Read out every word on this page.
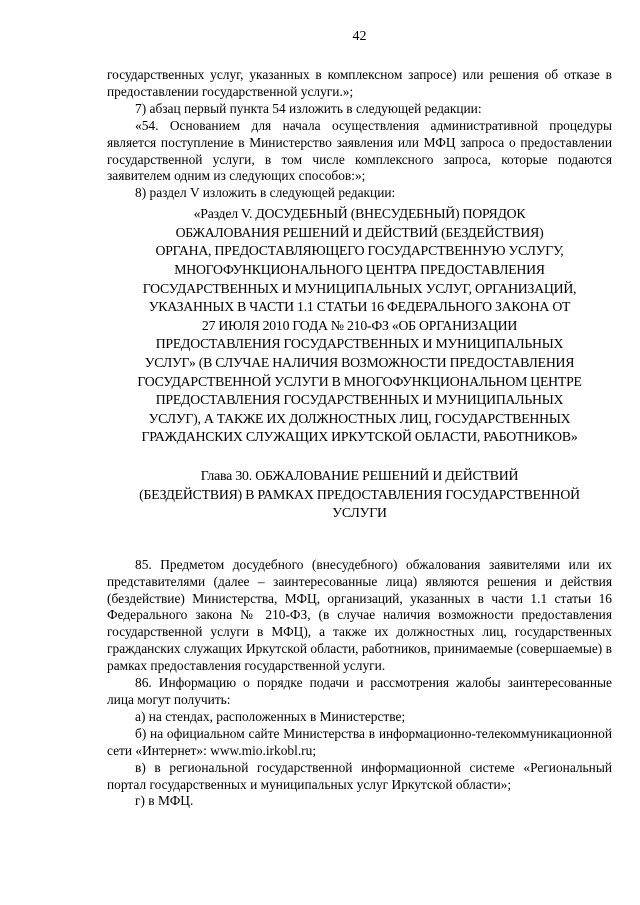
42

государственных услуг, указанных в комплексном запросе) или решения об отказе в предоставлении государственной услуги.»;

7) абзац первый пункта 54 изложить в следующей редакции:

«54. Основанием для начала осуществления административной процедуры является поступление в Министерство заявления или МФЦ запроса о предоставлении государственной услуги, в том числе комплексного запроса, которые подаются заявителем одним из следующих способов:»;

8) раздел V изложить в следующей редакции:

«Раздел V. ДОСУДЕБНЫЙ (ВНЕСУДЕБНЫЙ) ПОРЯДОК
ОБЖАЛОВАНИЯ РЕШЕНИЙ И ДЕЙСТВИЙ (БЕЗДЕЙСТВИЯ)
ОРГАНА, ПРЕДОСТАВЛЯЮЩЕГО ГОСУДАРСТВЕННУЮ УСЛУГУ,
МНОГОФУНКЦИОНАЛЬНОГО ЦЕНТРА ПРЕДОСТАВЛЕНИЯ
ГОСУДАРСТВЕННЫХ И МУНИЦИПАЛЬНЫХ УСЛУГ, ОРГАНИЗАЦИЙ,
УКАЗАННЫХ В ЧАСТИ 1.1 СТАТЬИ 16 ФЕДЕРАЛЬНОГО ЗАКОНА ОТ
27 ИЮЛЯ 2010 ГОДА № 210-ФЗ «ОБ ОРГАНИЗАЦИИ
ПРЕДОСТАВЛЕНИЯ ГОСУДАРСТВЕННЫХ И МУНИЦИПАЛЬНЫХ
УСЛУГ» (В СЛУЧАЕ НАЛИЧИЯ ВОЗМОЖНОСТИ ПРЕДОСТАВЛЕНИЯ
ГОСУДАРСТВЕННОЙ УСЛУГИ В МНОГОФУНКЦИОНАЛЬНОМ ЦЕНТРЕ
ПРЕДОСТАВЛЕНИЯ ГОСУДАРСТВЕННЫХ И МУНИЦИПАЛЬНЫХ
УСЛУГ), А ТАКЖЕ ИХ ДОЛЖНОСТНЫХ ЛИЦ, ГОСУДАРСТВЕННЫХ
ГРАЖДАНСКИХ СЛУЖАЩИХ ИРКУТСКОЙ ОБЛАСТИ, РАБОТНИКОВ»
Глава 30. ОБЖАЛОВАНИЕ РЕШЕНИЙ И ДЕЙСТВИЙ
(БЕЗДЕЙСТВИЯ) В РАМКАХ ПРЕДОСТАВЛЕНИЯ ГОСУДАРСТВЕННОЙ
УСЛУГИ

85. Предметом досудебного (внесудебного) обжалования заявителями или их представителями (далее – заинтересованные лица) являются решения и действия (бездействие) Министерства, МФЦ, организаций, указанных в части 1.1 статьи 16 Федерального закона № 210-ФЗ, (в случае наличия возможности предоставления государственной услуги в МФЦ), а также их должностных лиц, государственных гражданских служащих Иркутской области, работников, принимаемые (совершаемые) в рамках предоставления государственной услуги.

86. Информацию о порядке подачи и рассмотрения жалобы заинтересованные лица могут получить:

а) на стендах, расположенных в Министерстве;

б) на официальном сайте Министерства в информационно-телекоммуникационной сети «Интернет»: www.mio.irkobl.ru;

в) в региональной государственной информационной системе «Региональный портал государственных и муниципальных услуг Иркутской области»;

г) в МФЦ.
